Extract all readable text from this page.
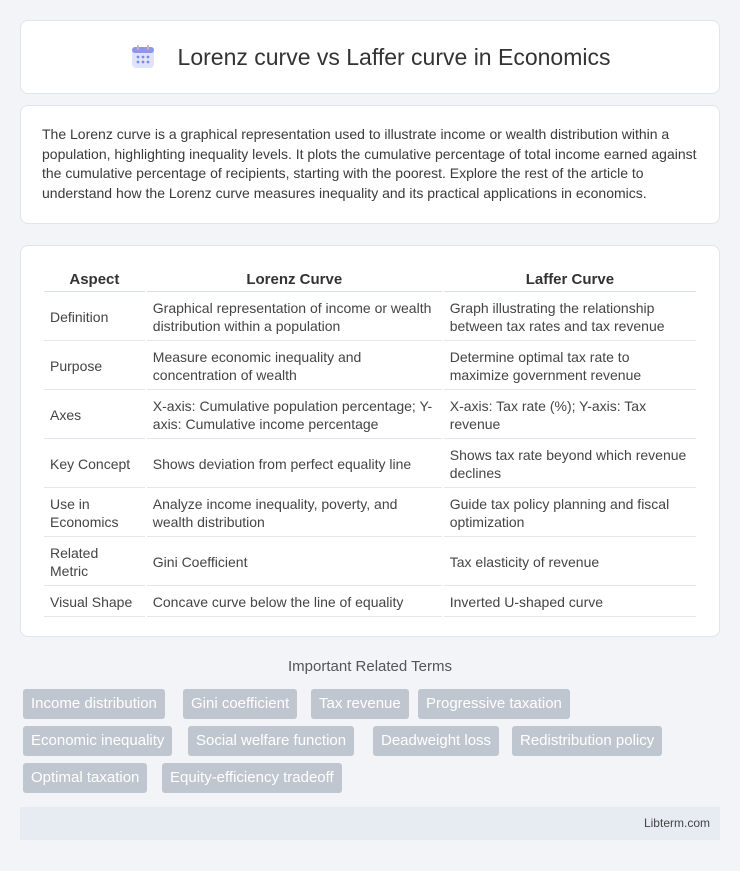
Lorenz curve vs Laffer curve in Economics

The Lorenz curve is a graphical representation used to illustrate income or wealth distribution within a population, highlighting inequality levels. It plots the cumulative percentage of total income earned against the cumulative percentage of recipients, starting with the poorest. Explore the rest of the article to understand how the Lorenz curve measures inequality and its practical applications in economics.

Aspect	Lorenz Curve	Laffer Curve
Definition	Graphical representation of income or wealth distribution within a population	Graph illustrating the relationship between tax rates and tax revenue
Purpose	Measure economic inequality and concentration of wealth	Determine optimal tax rate to maximize government revenue
Axes	X-axis: Cumulative population percentage; Y-axis: Cumulative income percentage	X-axis: Tax rate (%); Y-axis: Tax revenue
Key Concept	Shows deviation from perfect equality line	Shows tax rate beyond which revenue declines
Use in Economics	Analyze income inequality, poverty, and wealth distribution	Guide tax policy planning and fiscal optimization
Related Metric	Gini Coefficient	Tax elasticity of revenue
Visual Shape	Concave curve below the line of equality	Inverted U-shaped curve
Important Related Terms
Income distribution	Gini coefficient	Tax revenue	Progressive taxation
Economic inequality	Social welfare function	Deadweight loss	Redistribution policy
Optimal taxation	Equity-efficiency tradeoff
Libterm.com
